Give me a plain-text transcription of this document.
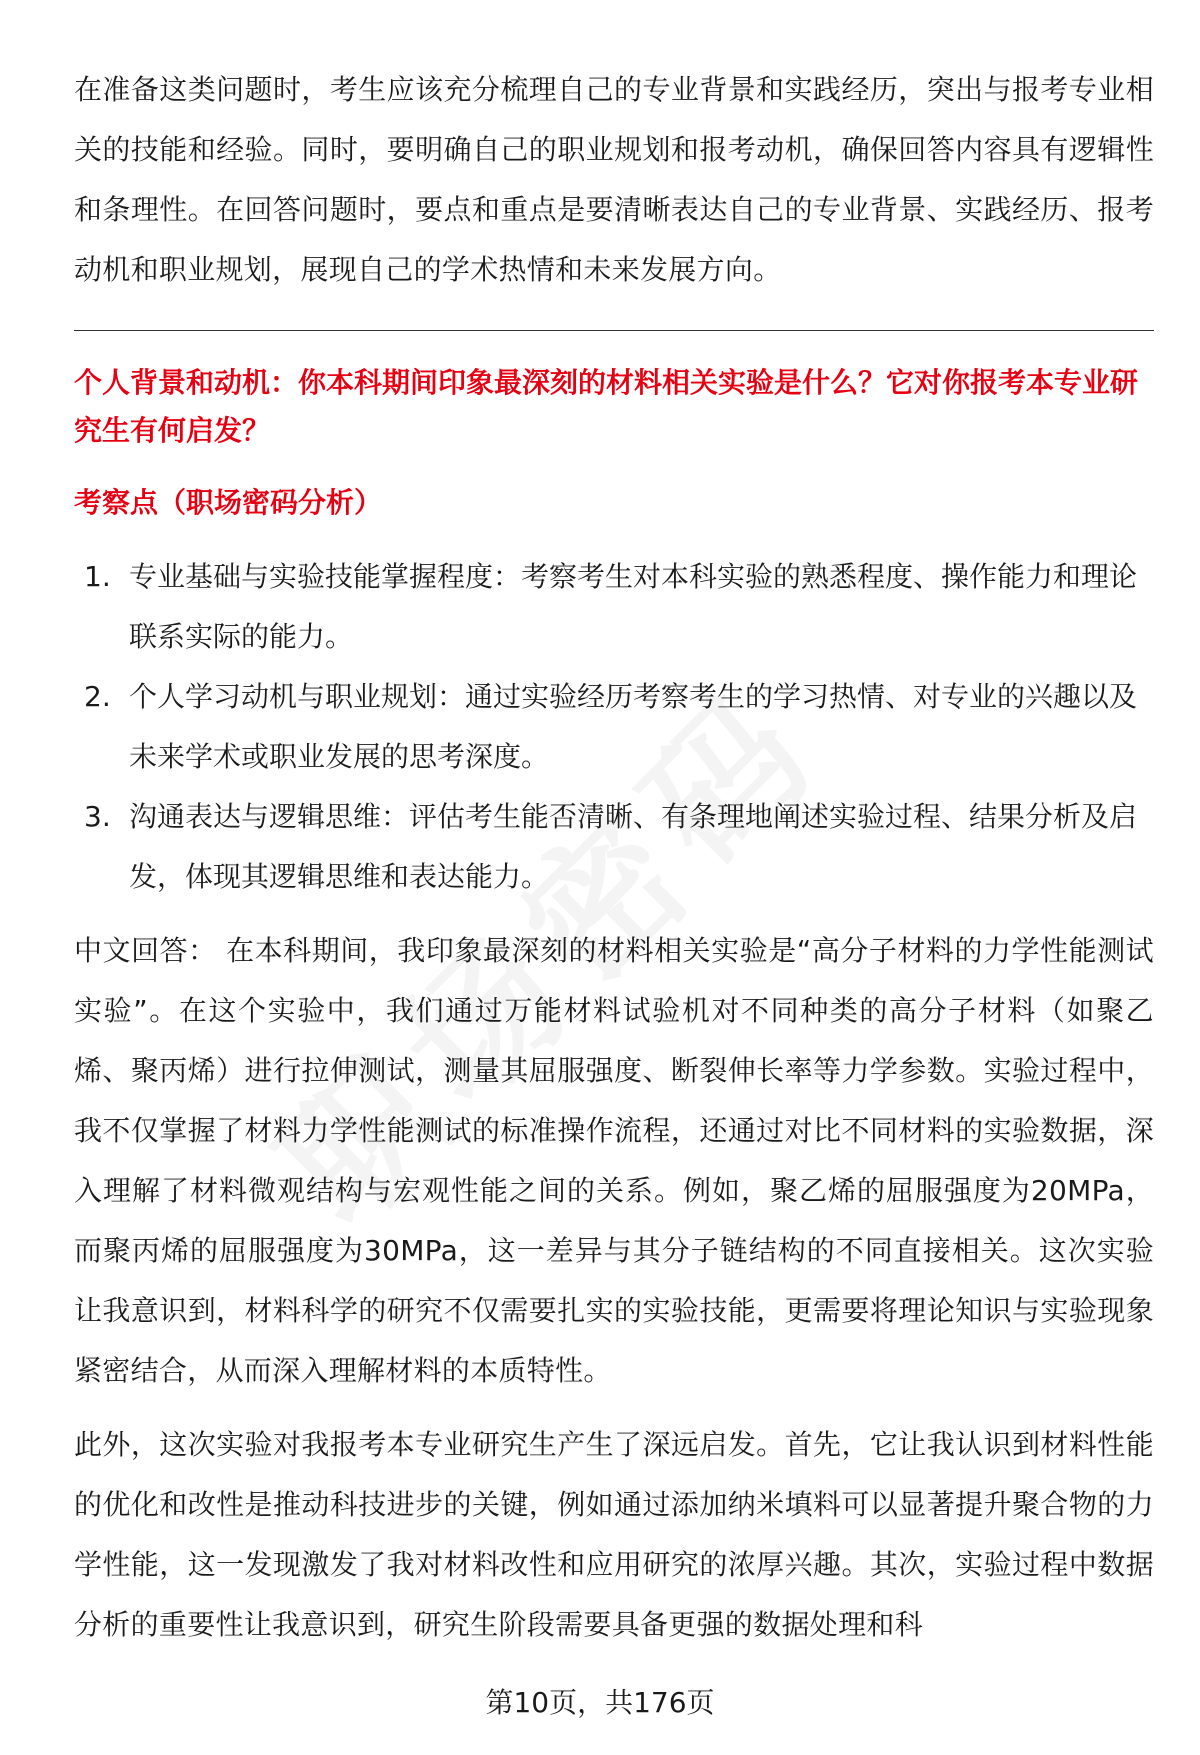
在准备这类问题时，考生应该充分梳理自己的专业背景和实践经历，突出与报考专业相关的技能和经验。同时，要明确自己的职业规划和报考动机，确保回答内容具有逻辑性和条理性。在回答问题时，要点和重点是要清晰表达自己的专业背景、实践经历、报考动机和职业规划，展现自己的学术热情和未来发展方向。

个人背景和动机：你本科期间印象最深刻的材料相关实验是什么？它对你报考本专业研究生有何启发？

考察点（职场密码分析）

1. 专业基础与实验技能掌握程度：考察考生对本科实验的熟悉程度、操作能力和理论联系实际的能力。
2. 个人学习动机与职业规划：通过实验经历考察考生的学习热情、对专业的兴趣以及未来学术或职业发展的思考深度。
3. 沟通表达与逻辑思维：评估考生能否清晰、有条理地阐述实验过程、结果分析及启发，体现其逻辑思维和表达能力。

中文回答： 在本科期间，我印象最深刻的材料相关实验是“高分子材料的力学性能测试实验”。在这个实验中，我们通过万能材料试验机对不同种类的高分子材料（如聚乙烯、聚丙烯）进行拉伸测试，测量其屈服强度、断裂伸长率等力学参数。实验过程中，我不仅掌握了材料力学性能测试的标准操作流程，还通过对比不同材料的实验数据，深入理解了材料微观结构与宏观性能之间的关系。例如，聚乙烯的屈服强度为20MPa，而聚丙烯的屈服强度为30MPa，这一差异与其分子链结构的不同直接相关。这次实验让我意识到，材料科学的研究不仅需要扎实的实验技能，更需要将理论知识与实验现象紧密结合，从而深入理解材料的本质特性。

此外，这次实验对我报考本专业研究生产生了深远启发。首先，它让我认识到材料性能的优化和改性是推动科技进步的关键，例如通过添加纳米填料可以显著提升聚合物的力学性能，这一发现激发了我对材料改性和应用研究的浓厚兴趣。其次，实验过程中数据分析的重要性让我意识到，研究生阶段需要具备更强的数据处理和科

第10页，共176页
